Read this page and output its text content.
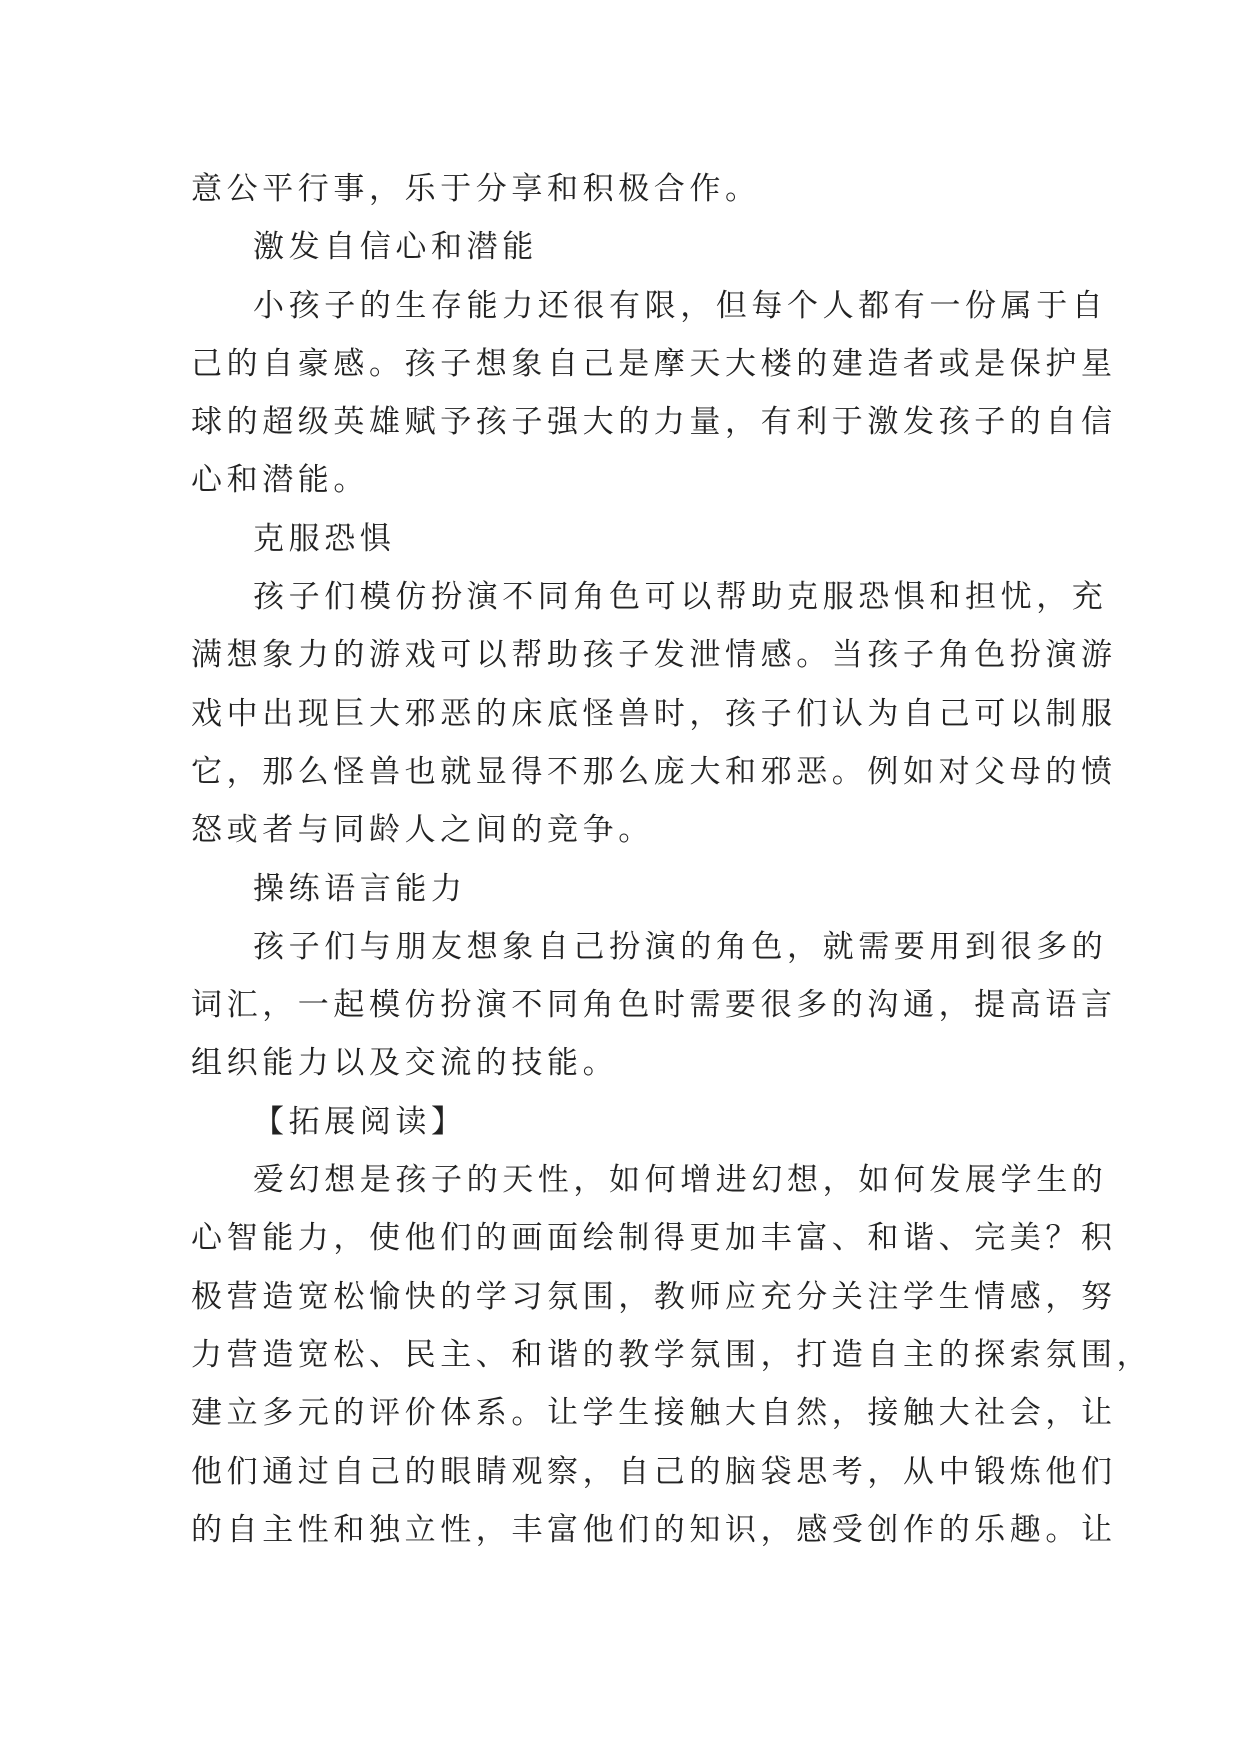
意公平行事，乐于分享和积极合作。

激发自信心和潜能

小孩子的生存能力还很有限，但每个人都有一份属于自
己的自豪感。孩子想象自己是摩天大楼的建造者或是保护星
球的超级英雄赋予孩子强大的力量，有利于激发孩子的自信
心和潜能。

克服恐惧

孩子们模仿扮演不同角色可以帮助克服恐惧和担忧，充
满想象力的游戏可以帮助孩子发泄情感。当孩子角色扮演游
戏中出现巨大邪恶的床底怪兽时，孩子们认为自己可以制服
它，那么怪兽也就显得不那么庞大和邪恶。例如对父母的愤
怒或者与同龄人之间的竞争。

操练语言能力

孩子们与朋友想象自己扮演的角色，就需要用到很多的
词汇，一起模仿扮演不同角色时需要很多的沟通，提高语言
组织能力以及交流的技能。

【拓展阅读】

爱幻想是孩子的天性，如何增进幻想，如何发展学生的
心智能力，使他们的画面绘制得更加丰富、和谐、完美？积
极营造宽松愉快的学习氛围，教师应充分关注学生情感，努
力营造宽松、民主、和谐的教学氛围，打造自主的探索氛围，
建立多元的评价体系。让学生接触大自然，接触大社会，让
他们通过自己的眼睛观察，自己的脑袋思考，从中锻炼他们
的自主性和独立性，丰富他们的知识，感受创作的乐趣。让
